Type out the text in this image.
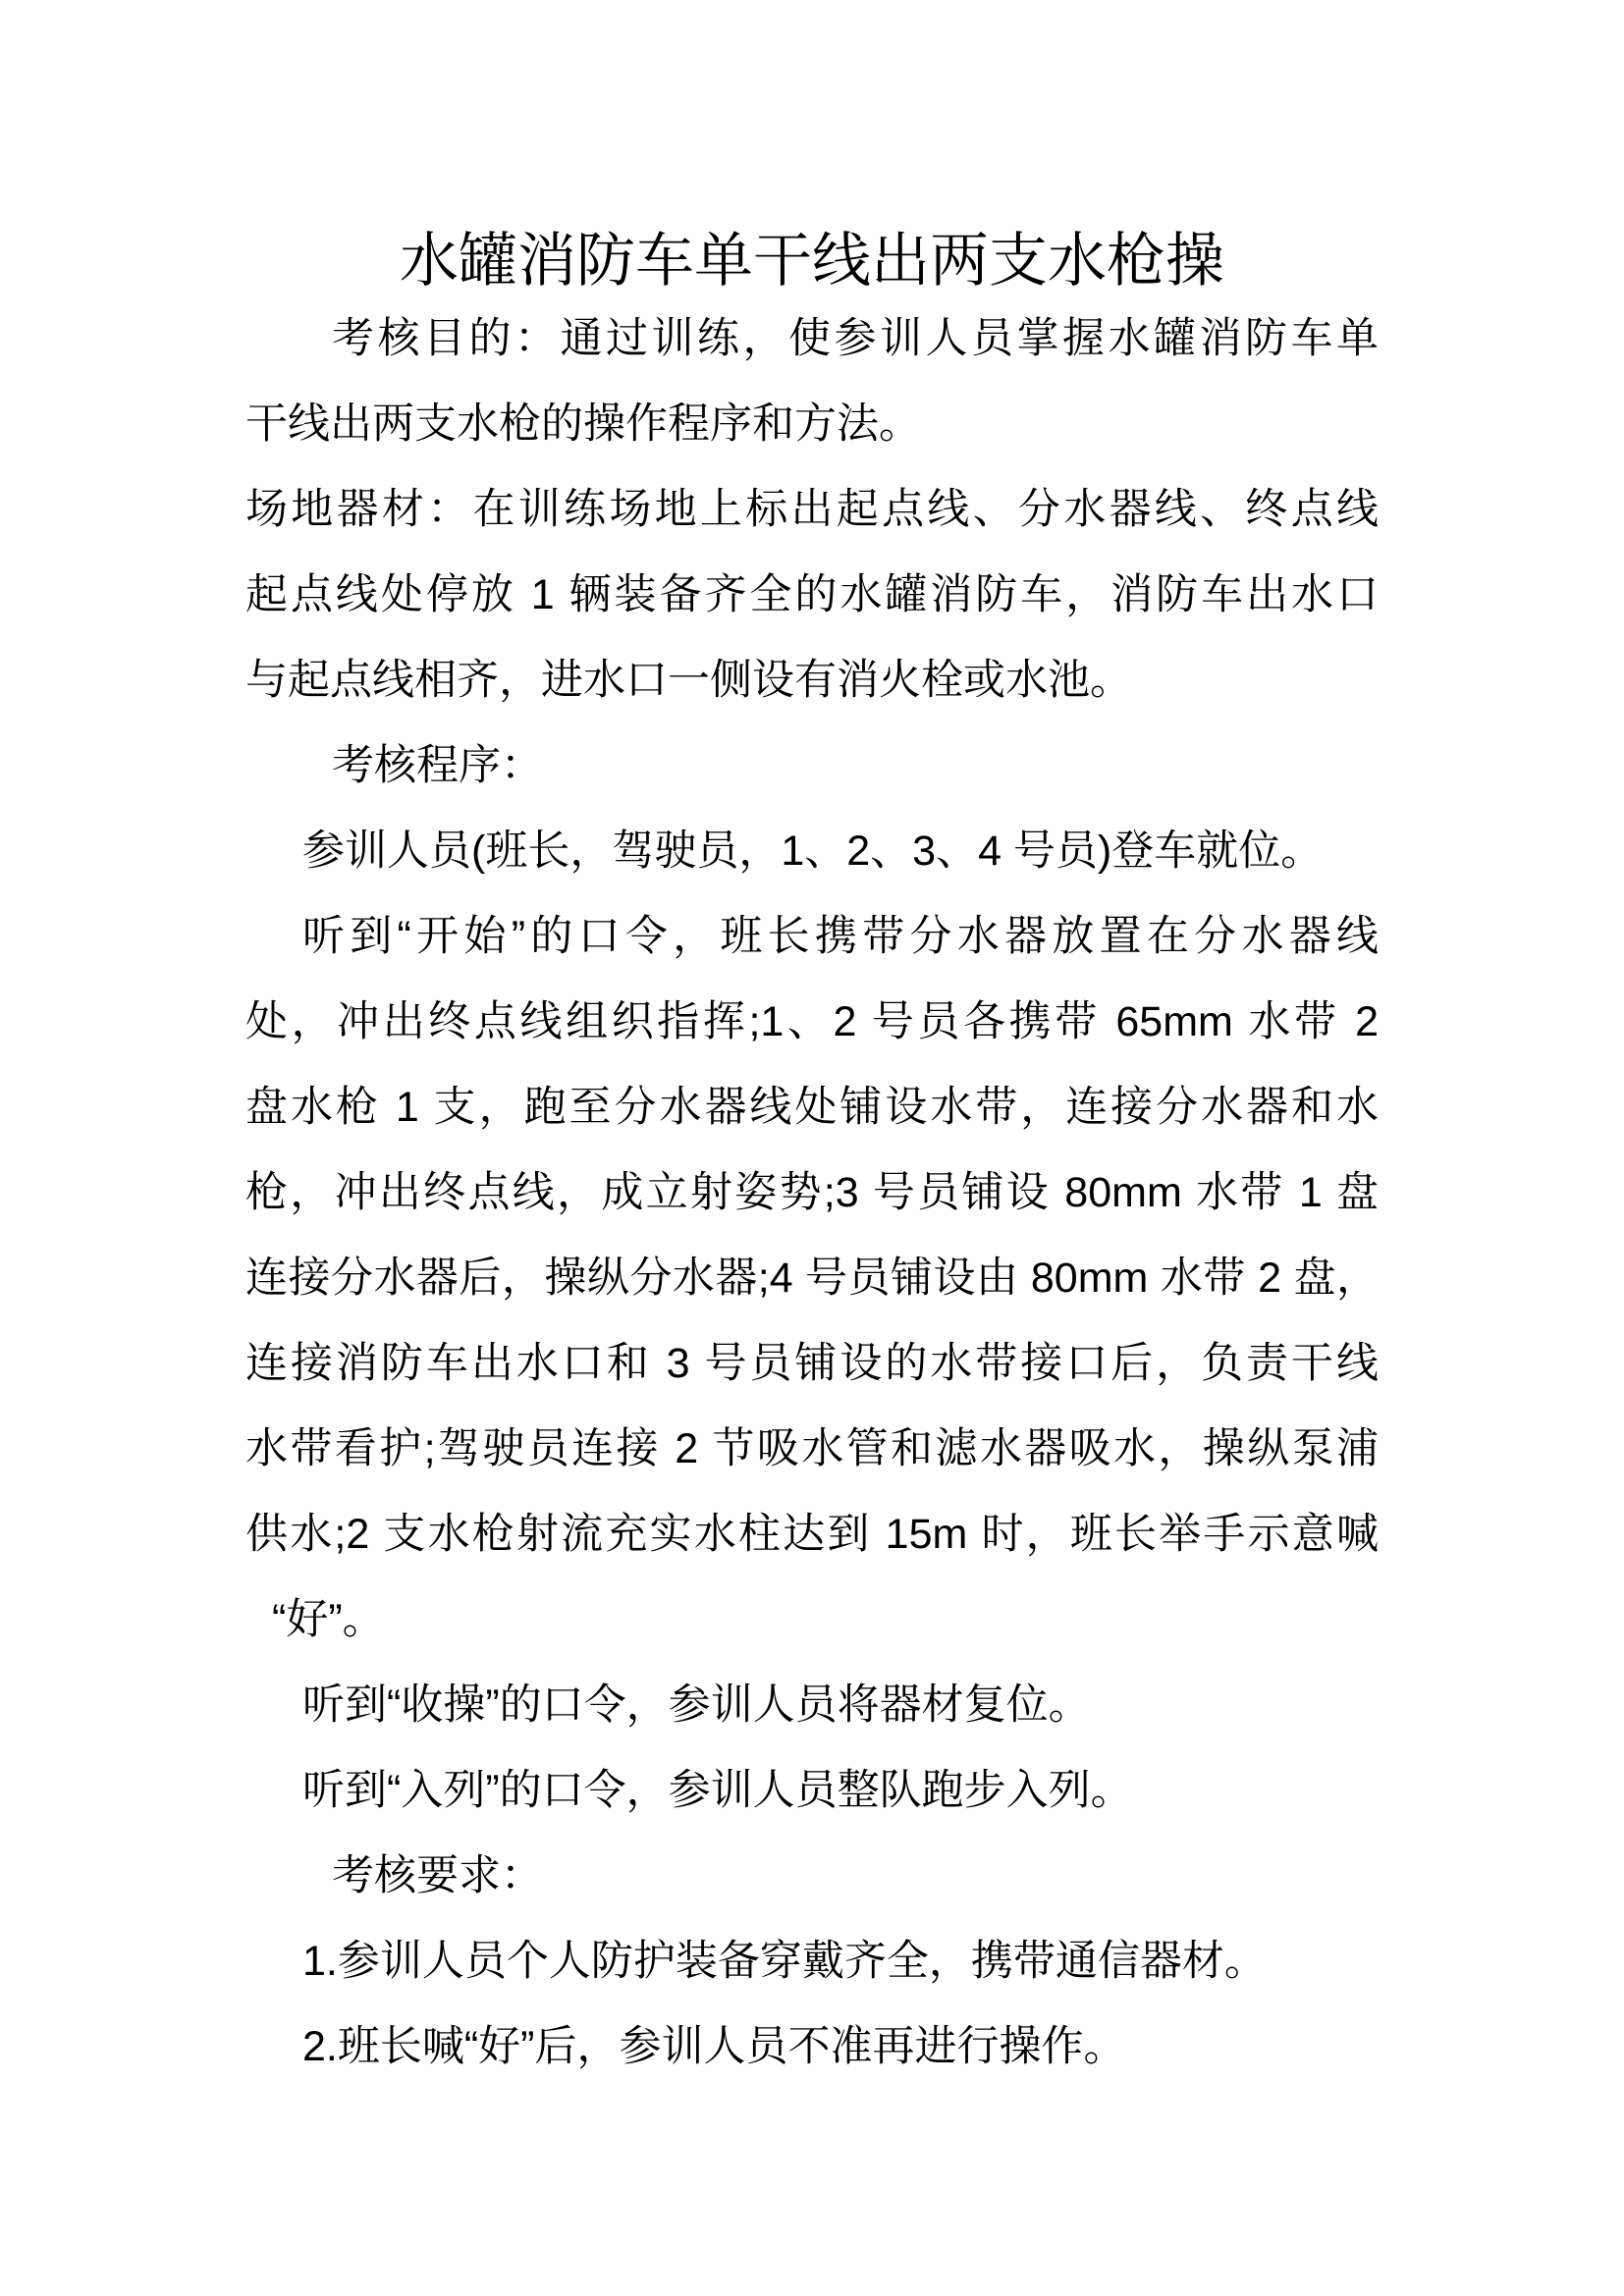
水罐消防车单干线出两支水枪操
考核目的：通过训练，使参训人员掌握水罐消防车单
干线出两支水枪的操作程序和方法。
场地器材：在训练场地上标出起点线、分水器线、终点线
起点线处停放 1 辆装备齐全的水罐消防车，消防车出水口
与起点线相齐，进水口一侧设有消火栓或水池。
考核程序：
参训人员(班长，驾驶员，1、2、3、4 号员)登车就位。
听到“开始”的口令，班长携带分水器放置在分水器线
处，冲出终点线组织指挥;1、2 号员各携带 65mm 水带 2
盘水枪 1 支，跑至分水器线处铺设水带，连接分水器和水
枪，冲出终点线，成立射姿势;3 号员铺设 80mm 水带 1 盘
连接分水器后，操纵分水器;4 号员铺设由 80mm 水带 2 盘，
连接消防车出水口和 3 号员铺设的水带接口后，负责干线
水带看护;驾驶员连接 2 节吸水管和滤水器吸水，操纵泵浦
供水;2 支水枪射流充实水柱达到 15m 时，班长举手示意喊
“好”。
听到“收操”的口令，参训人员将器材复位。
听到“入列”的口令，参训人员整队跑步入列。
考核要求：
1.参训人员个人防护装备穿戴齐全，携带通信器材。
2.班长喊“好”后，参训人员不准再进行操作。
